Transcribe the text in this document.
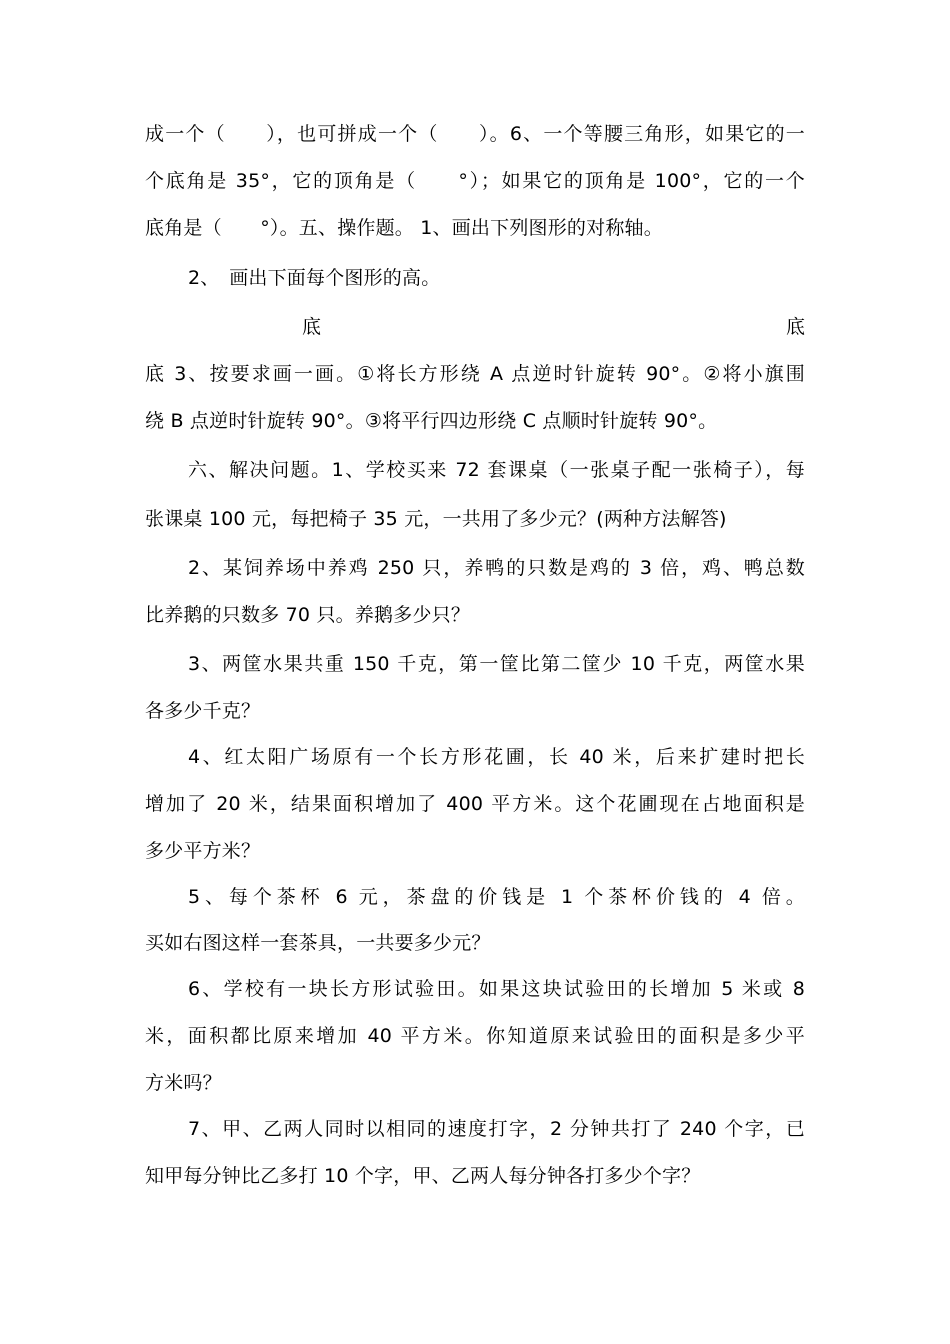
成一个（　　），也可拼成一个（　　）。6、一个等腰三角形，如果它的一
个底角是 35°，它的顶角是（　　°）；如果它的顶角是 100°，它的一个
底角是（　　°）。五、操作题。 1、画出下列图形的对称轴。
2、　画出下面每个图形的高。
底	底
底 3、按要求画一画。①将长方形绕 A 点逆时针旋转 90°。②将小旗围
绕 B 点逆时针旋转 90°。③将平行四边形绕 C 点顺时针旋转 90°。
六、解决问题。1、学校买来 72 套课桌（一张桌子配一张椅子），每
张课桌 100 元，每把椅子 35 元，一共用了多少元？(两种方法解答)
2、某饲养场中养鸡 250 只，养鸭的只数是鸡的 3 倍，鸡、鸭总数
比养鹅的只数多 70 只。养鹅多少只？
3、两筐水果共重 150 千克，第一筐比第二筐少 10 千克，两筐水果
各多少千克？
4、红太阳广场原有一个长方形花圃，长 40 米，后来扩建时把长
增加了 20 米，结果面积增加了 400 平方米。这个花圃现在占地面积是
多少平方米？
5、每个茶杯 6 元，茶盘的价钱是 1 个茶杯价钱的 4 倍。
买如右图这样一套茶具，一共要多少元？
6、学校有一块长方形试验田。如果这块试验田的长增加 5 米或 8
米，面积都比原来增加 40 平方米。你知道原来试验田的面积是多少平
方米吗？
7、甲、乙两人同时以相同的速度打字，2 分钟共打了 240 个字，已
知甲每分钟比乙多打 10 个字，甲、乙两人每分钟各打多少个字？
